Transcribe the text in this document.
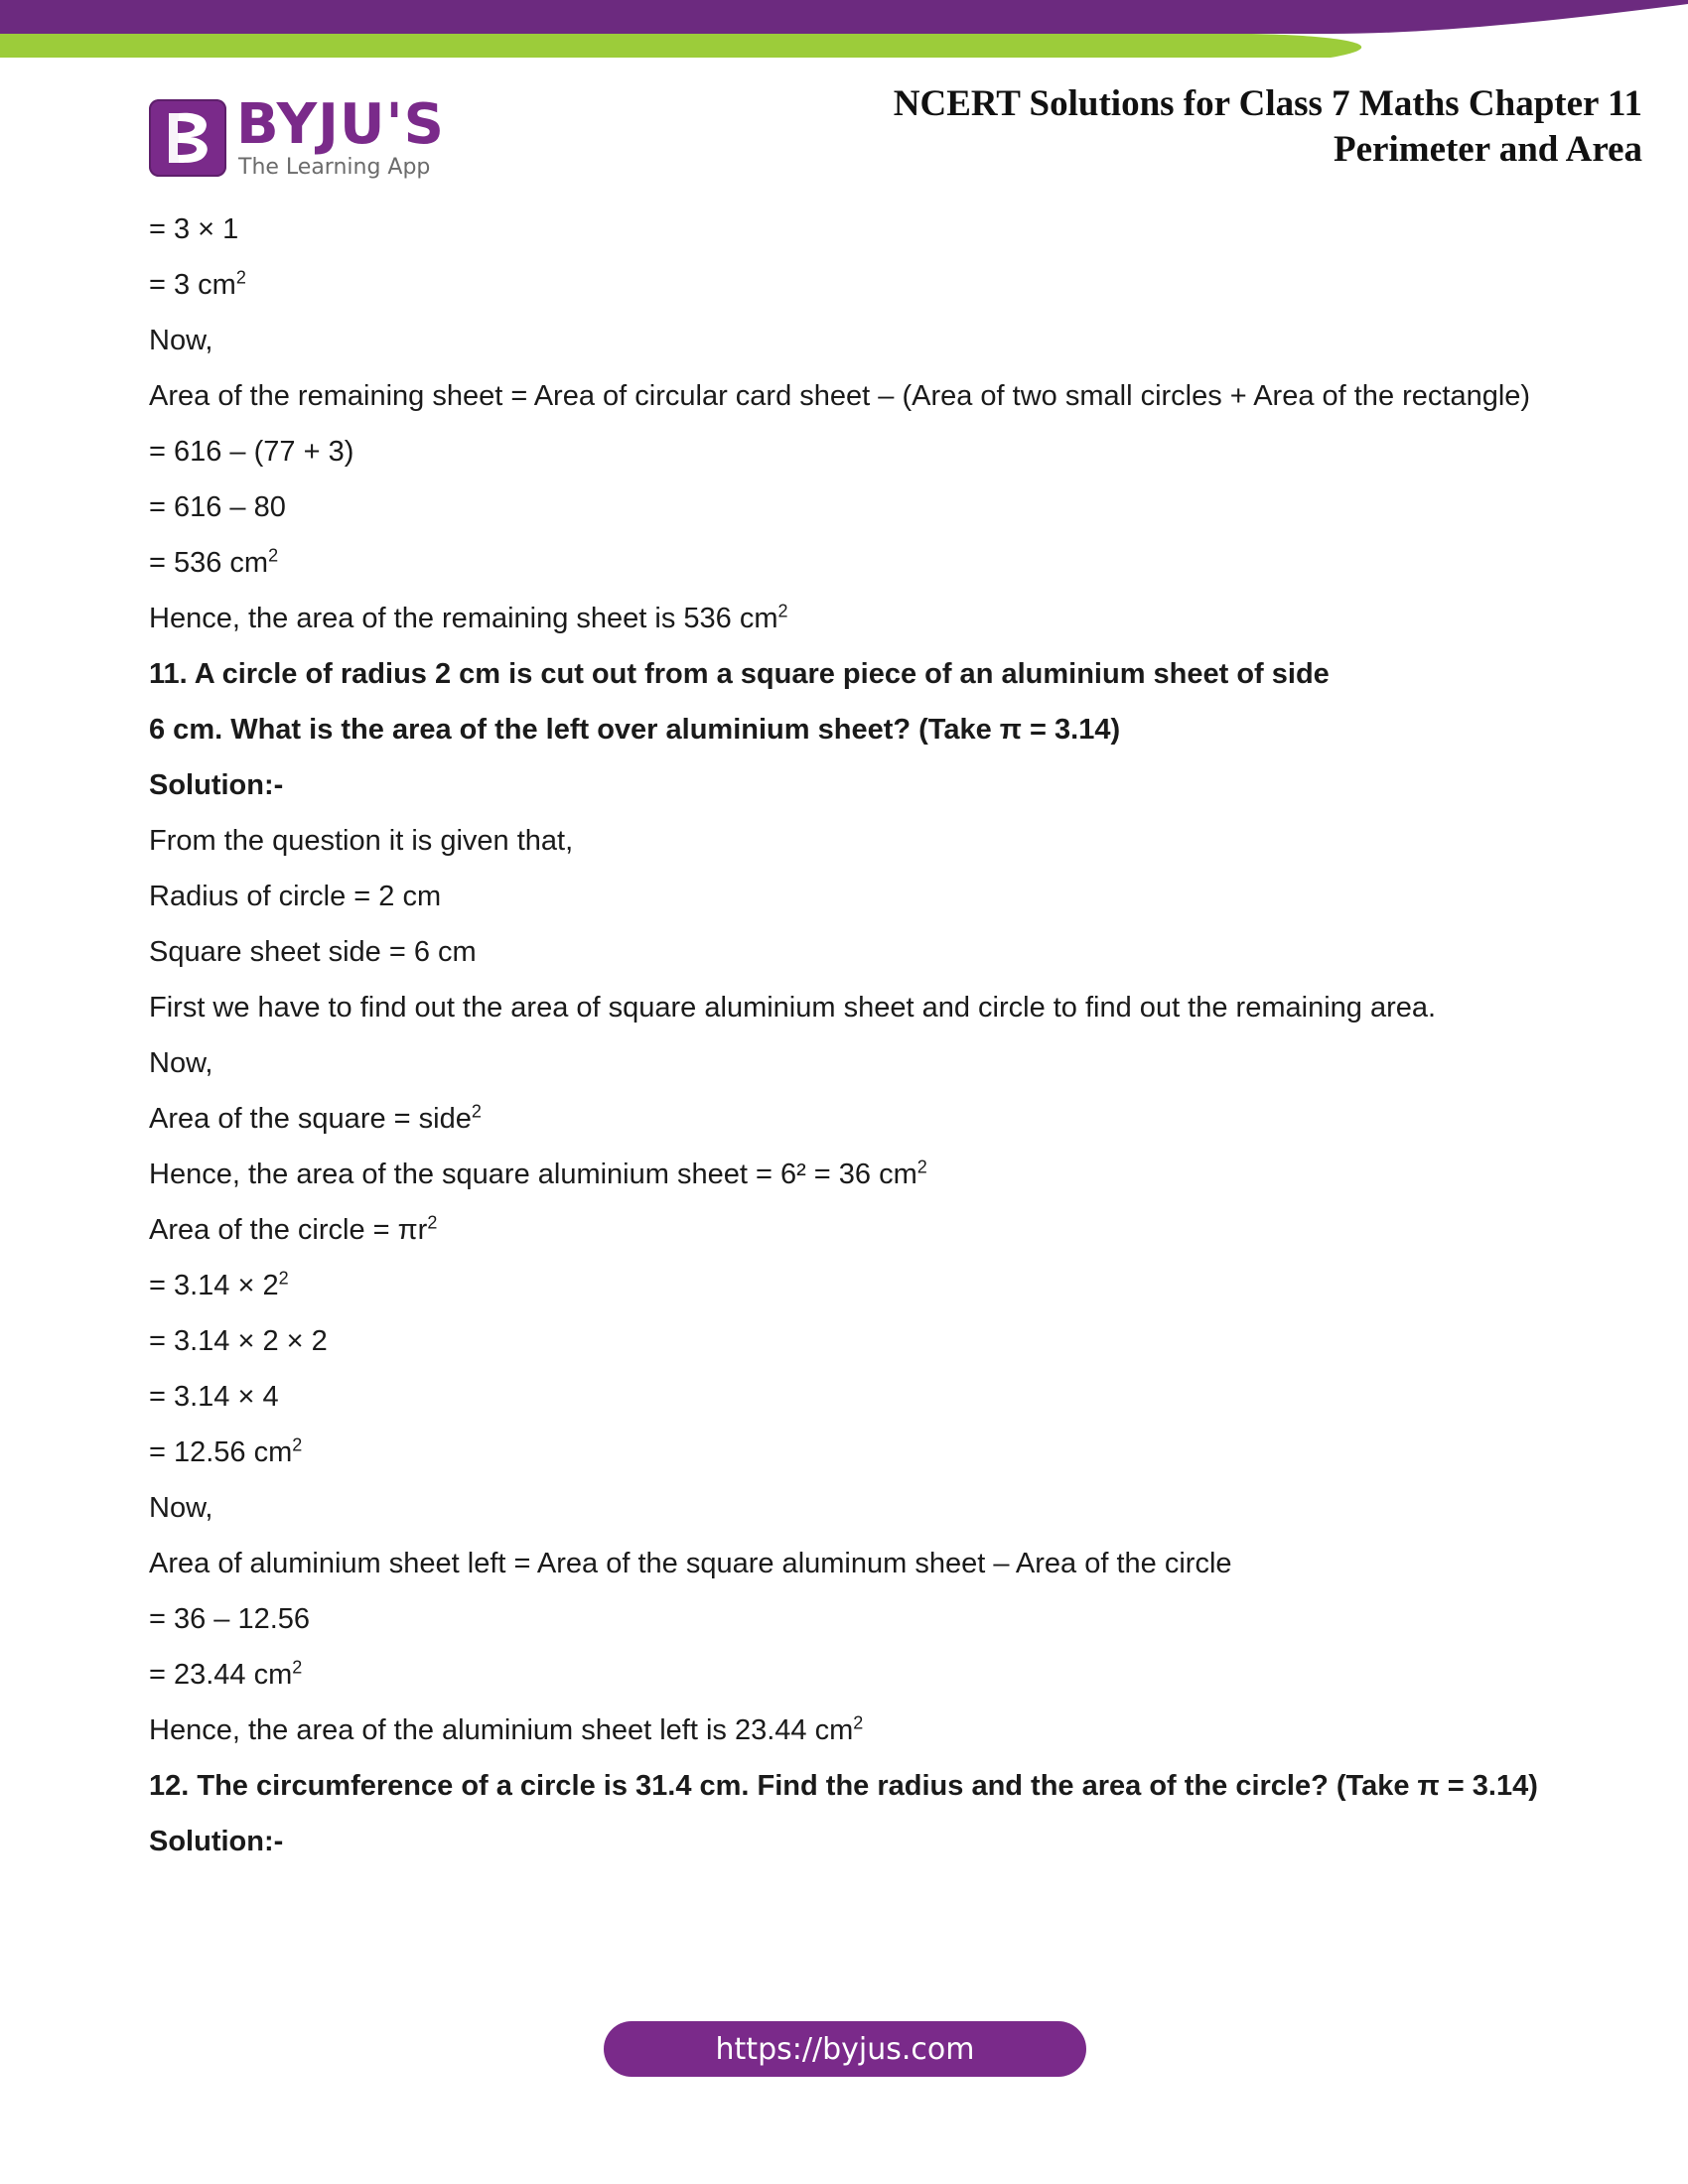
BYJU'S
The Learning App
NCERT Solutions for Class 7 Maths Chapter 11
Perimeter and Area
= 3 × 1
= 3 $cm^2$
Now,
Area of the remaining sheet = Area of circular card sheet – (Area of two small circles + Area of the rectangle)
= 616 – (77 + 3)
= 616 – 80
= 536 $cm^2$
Hence, the area of the remaining sheet is 536 $cm^2$
11. A circle of radius 2 cm is cut out from a square piece of an aluminium sheet of side
6 cm. What is the area of the left over aluminium sheet? (Take π = 3.14)
Solution:-
From the question it is given that,
Radius of circle = 2 cm
Square sheet side = 6 cm
First we have to find out the area of square aluminium sheet and circle to find out the remaining area.
Now,
Area of the square = side$^2$
Hence, the area of the square aluminium sheet = 6² = 36 $cm^2$
Area of the circle = $\pi r^2$
= $3.14 \times 2^2$
= 3.14 × 2 × 2
= 3.14 × 4
= 12.56 $cm^2$
Now,
Area of aluminium sheet left = Area of the square aluminum sheet – Area of the circle
= 36 – 12.56
= 23.44 $cm^2$
Hence, the area of the aluminium sheet left is 23.44 $cm^2$
12. The circumference of a circle is 31.4 cm. Find the radius and the area of the circle? (Take π = 3.14)
Solution:-
https://byjus.com
